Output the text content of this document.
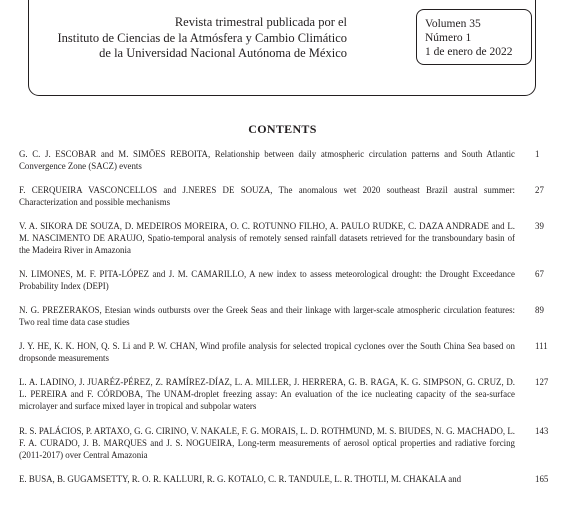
Revista trimestral publicada por el
Instituto de Ciencias de la Atmósfera y Cambio Climático
de la Universidad Nacional Autónoma de México
Volumen 35
Número 1
1 de enero de 2022
CONTENTS
G. C. J. ESCOBAR and M. SIMÕES REBOITA, Relationship between daily atmospheric circulation patterns and South Atlantic Convergence Zone (SACZ) events
1
F. CERQUEIRA VASCONCELLOS and J.NERES DE SOUZA, The anomalous wet 2020 southeast Brazil austral summer: Characterization and possible mechanisms
27
V. A. SIKORA DE SOUZA, D. MEDEIROS MOREIRA, O. C. ROTUNNO FILHO, A. PAULO RUDKE, C. DAZA ANDRADE and L. M. NASCIMENTO DE ARAUJO, Spatio-temporal analysis of remotely sensed rainfall datasets retrieved for the transboundary basin of the Madeira River in Amazonia
39
N. LIMONES, M. F. PITA-LÓPEZ and J. M. CAMARILLO, A new index to assess meteorological drought: the Drought Exceedance Probability Index (DEPI)
67
N. G. PREZERAKOS, Etesian winds outbursts over the Greek Seas and their linkage with larger-scale atmospheric circulation features: Two real time data case studies
89
J. Y. HE, K. K. HON, Q. S. Li and P. W. CHAN, Wind profile analysis for selected tropical cyclones over the South China Sea based on dropsonde measurements
111
L. A. LADINO, J. JUARÉZ-PÉREZ, Z. RAMÍREZ-DÍAZ, L. A. MILLER, J. HERRERA, G. B. RAGA, K. G. SIMPSON, G. CRUZ, D. L. PEREIRA and F. CÓRDOBA, The UNAM-droplet freezing assay: An evaluation of the ice nucleating capacity of the sea-surface microlayer and surface mixed layer in tropical and subpolar waters
127
R. S. PALÁCIOS, P. ARTAXO, G. G. CIRINO, V. NAKALE, F. G. MORAIS, L. D. ROTHMUND, M. S. BIUDES, N. G. MACHADO, L. F. A. CURADO, J. B. MARQUES and J. S. NOGUEIRA, Long-term measurements of aerosol optical properties and radiative forcing (2011-2017) over Central Amazonia
143
E. BUSA, B. GUGAMSETTY, R. O. R. KALLURI, R. G. KOTALO, C. R. TANDULE, L. R. THOTLI, M. CHAKALA and	165
